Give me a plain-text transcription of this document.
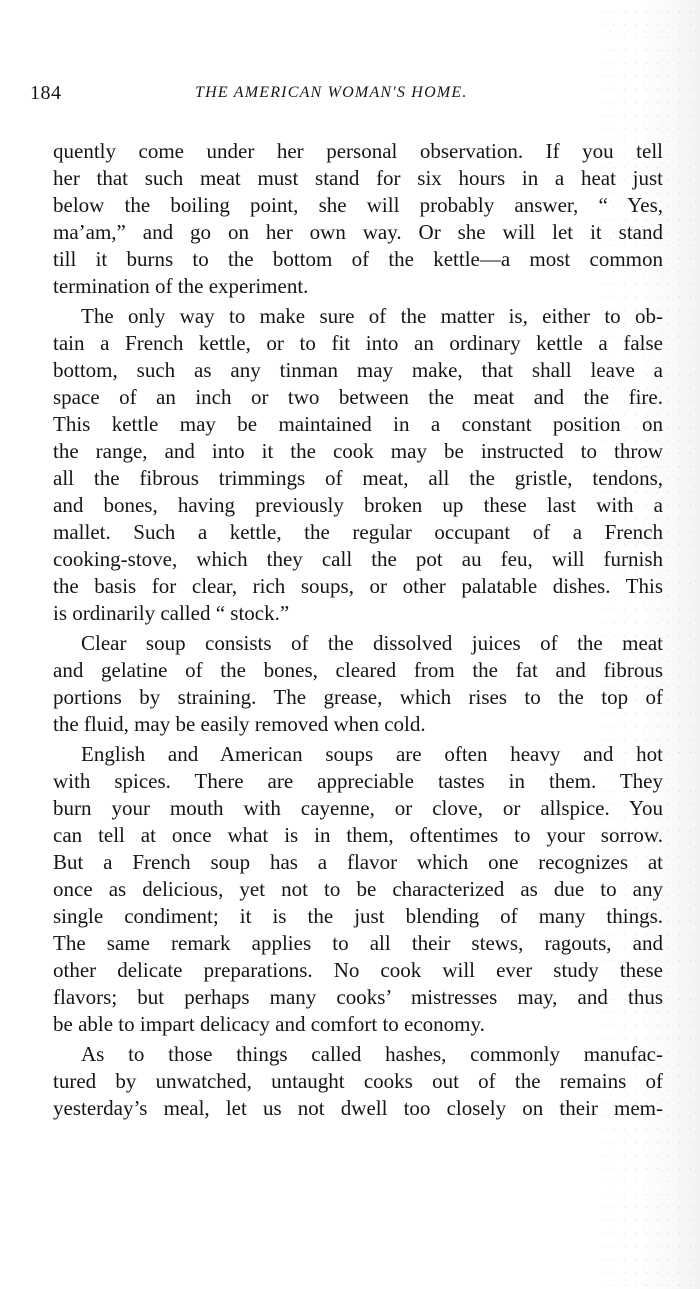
184	THE AMERICAN WOMAN'S HOME.
quently come under her personal observation. If you tell
her that such meat must stand for six hours in a heat just
below the boiling point, she will probably answer, “ Yes,
ma’am,” and go on her own way. Or she will let it stand
till it burns to the bottom of the kettle—a most common
termination of the experiment.
The only way to make sure of the matter is, either to ob-
tain a French kettle, or to fit into an ordinary kettle a false
bottom, such as any tinman may make, that shall leave a
space of an inch or two between the meat and the fire.
This kettle may be maintained in a constant position on
the range, and into it the cook may be instructed to throw
all the fibrous trimmings of meat, all the gristle, tendons,
and bones, having previously broken up these last with a
mallet. Such a kettle, the regular occupant of a French
cooking-stove, which they call the pot au feu, will furnish
the basis for clear, rich soups, or other palatable dishes. This
is ordinarily called “ stock.”
Clear soup consists of the dissolved juices of the meat
and gelatine of the bones, cleared from the fat and fibrous
portions by straining. The grease, which rises to the top of
the fluid, may be easily removed when cold.
English and American soups are often heavy and hot
with spices. There are appreciable tastes in them. They
burn your mouth with cayenne, or clove, or allspice. You
can tell at once what is in them, oftentimes to your sorrow.
But a French soup has a flavor which one recognizes at
once as delicious, yet not to be characterized as due to any
single condiment; it is the just blending of many things.
The same remark applies to all their stews, ragouts, and
other delicate preparations. No cook will ever study these
flavors; but perhaps many cooks’ mistresses may, and thus
be able to impart delicacy and comfort to economy.
As to those things called hashes, commonly manufac-
tured by unwatched, untaught cooks out of the remains of
yesterday’s meal, let us not dwell too closely on their mem-
